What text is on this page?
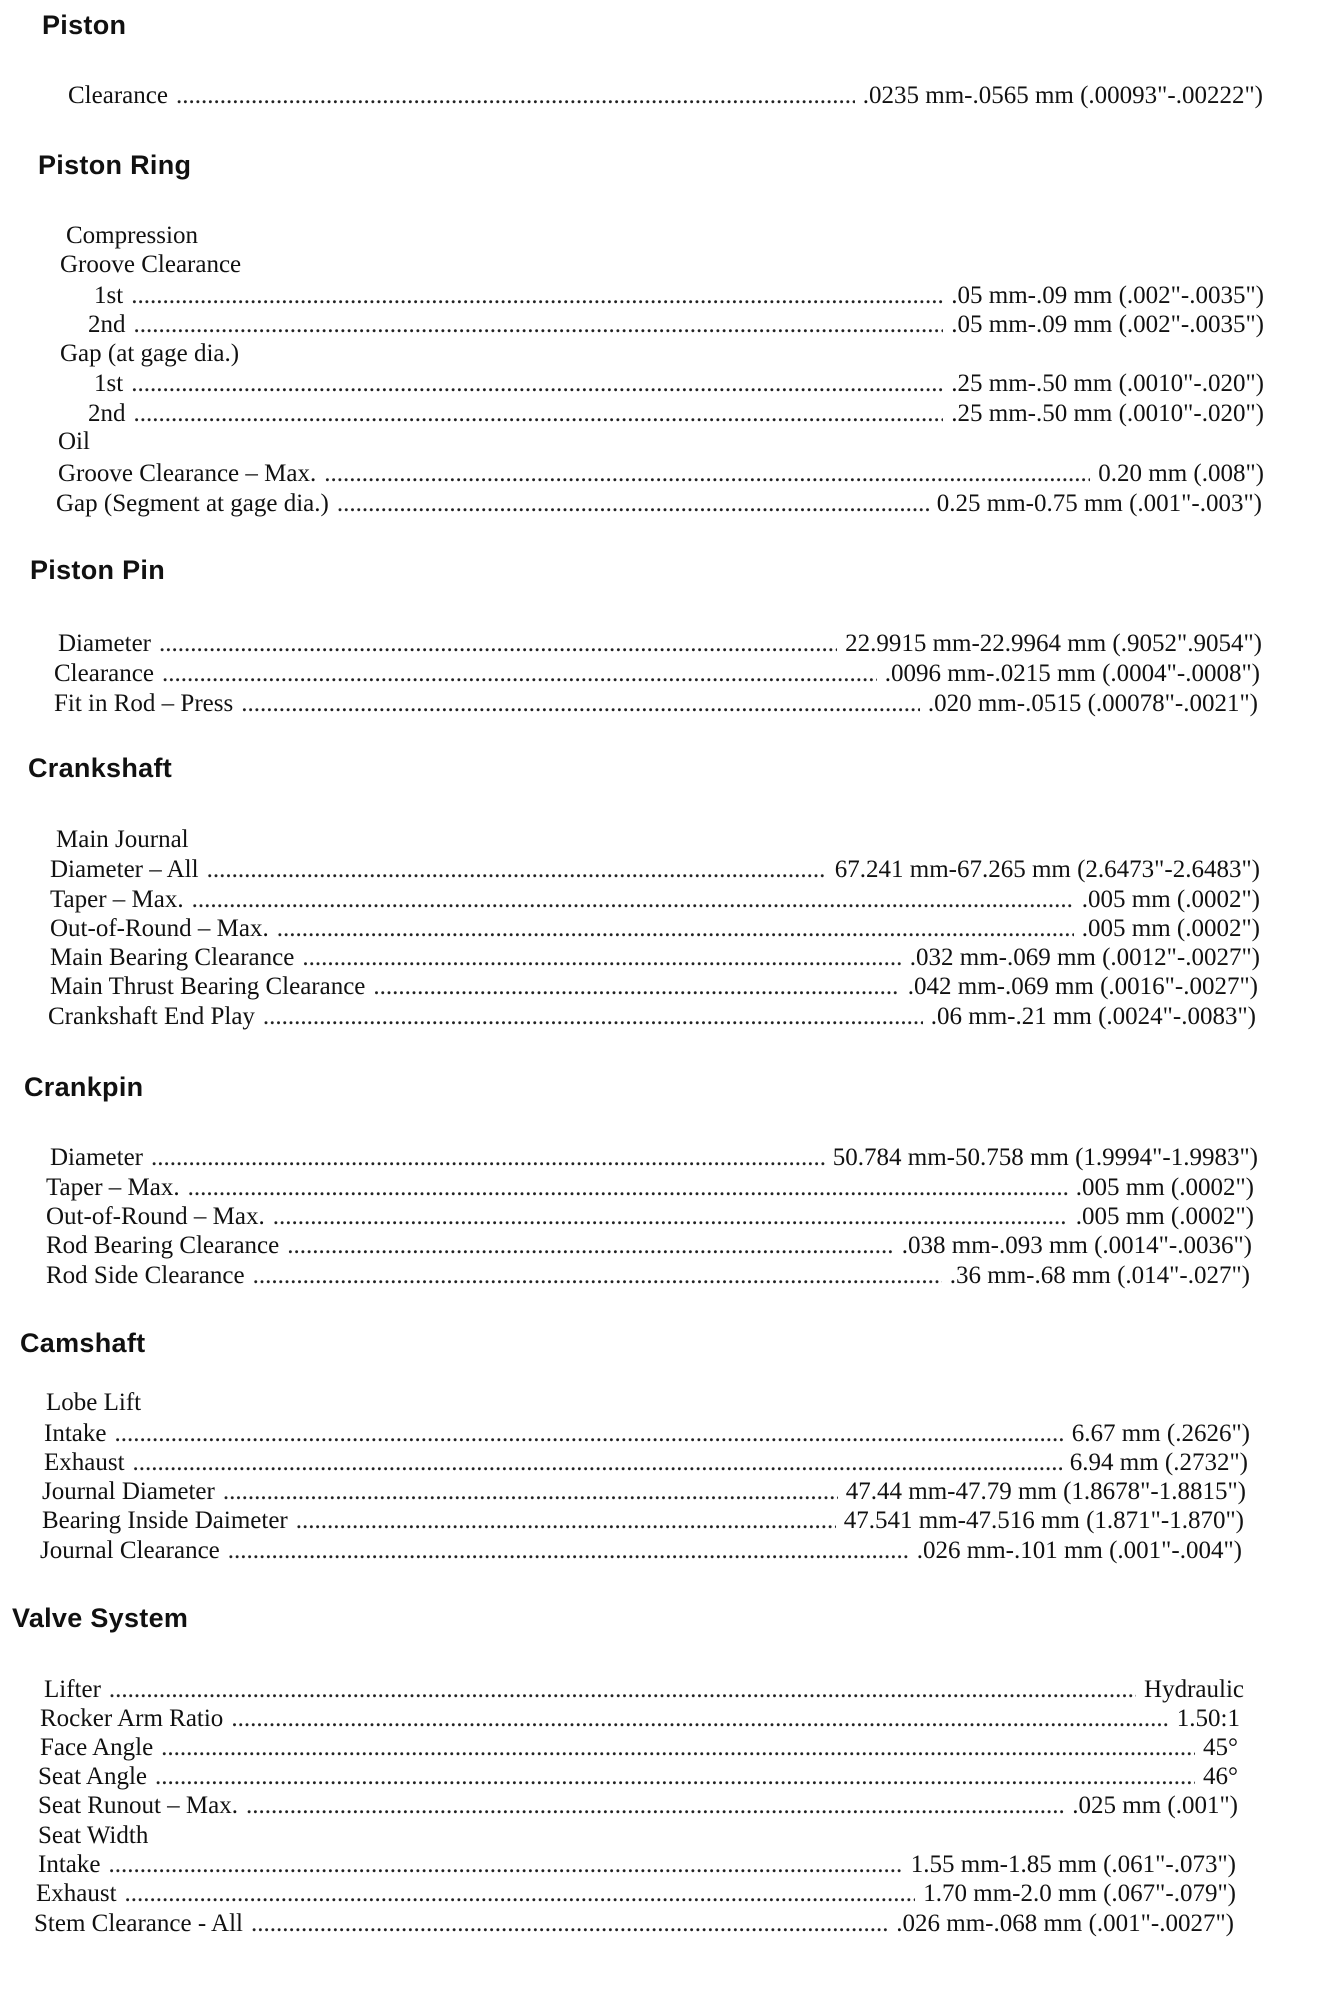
Piston
Clearance .....	.0235 mm-.0565 mm (.00093"-.00222")
Piston Ring
Compression
Groove Clearance
1st .....	.05 mm-.09 mm (.002"-.0035")
2nd .....	.05 mm-.09 mm (.002"-.0035")
Gap (at gage dia.)
1st .....	.25 mm-.50 mm (.0010"-.020")
2nd .....	.25 mm-.50 mm (.0010"-.020")
Oil
Groove Clearance – Max. .....	0.20 mm (.008")
Gap (Segment at gage dia.) .....	0.25 mm-0.75 mm (.001"-.003")
Piston Pin
Diameter .....	22.9915 mm-22.9964 mm (.9052".9054")
Clearance .....	.0096 mm-.0215 mm (.0004"-.0008")
Fit in Rod – Press .....	.020 mm-.0515 (.00078"-.0021")
Crankshaft
Main Journal
Diameter – All .....	67.241 mm-67.265 mm (2.6473"-2.6483")
Taper – Max. .....	.005 mm (.0002")
Out-of-Round – Max. .....	.005 mm (.0002")
Main Bearing Clearance .....	.032 mm-.069 mm (.0012"-.0027")
Main Thrust Bearing Clearance .....	.042 mm-.069 mm (.0016"-.0027")
Crankshaft End Play .....	.06 mm-.21 mm (.0024"-.0083")
Crankpin
Diameter .....	50.784 mm-50.758 mm (1.9994"-1.9983")
Taper – Max. .....	.005 mm (.0002")
Out-of-Round – Max. .....	.005 mm (.0002")
Rod Bearing Clearance .....	.038 mm-.093 mm (.0014"-.0036")
Rod Side Clearance .....	.36 mm-.68 mm (.014"-.027")
Camshaft
Lobe Lift
Intake .....	6.67 mm (.2626")
Exhaust .....	6.94 mm (.2732")
Journal Diameter .....	47.44 mm-47.79 mm (1.8678"-1.8815")
Bearing Inside Daimeter .....	47.541 mm-47.516 mm (1.871"-1.870")
Journal Clearance .....	.026 mm-.101 mm (.001"-.004")
Valve System
Lifter .....	Hydraulic
Rocker Arm Ratio .....	1.50:1
Face Angle .....	45°
Seat Angle .....	46°
Seat Runout – Max. .....	.025 mm (.001")
Seat Width
Intake .....	1.55 mm-1.85 mm (.061"-.073")
Exhaust .....	1.70 mm-2.0 mm (.067"-.079")
Stem Clearance - All .....	.026 mm-.068 mm (.001"-.0027")
